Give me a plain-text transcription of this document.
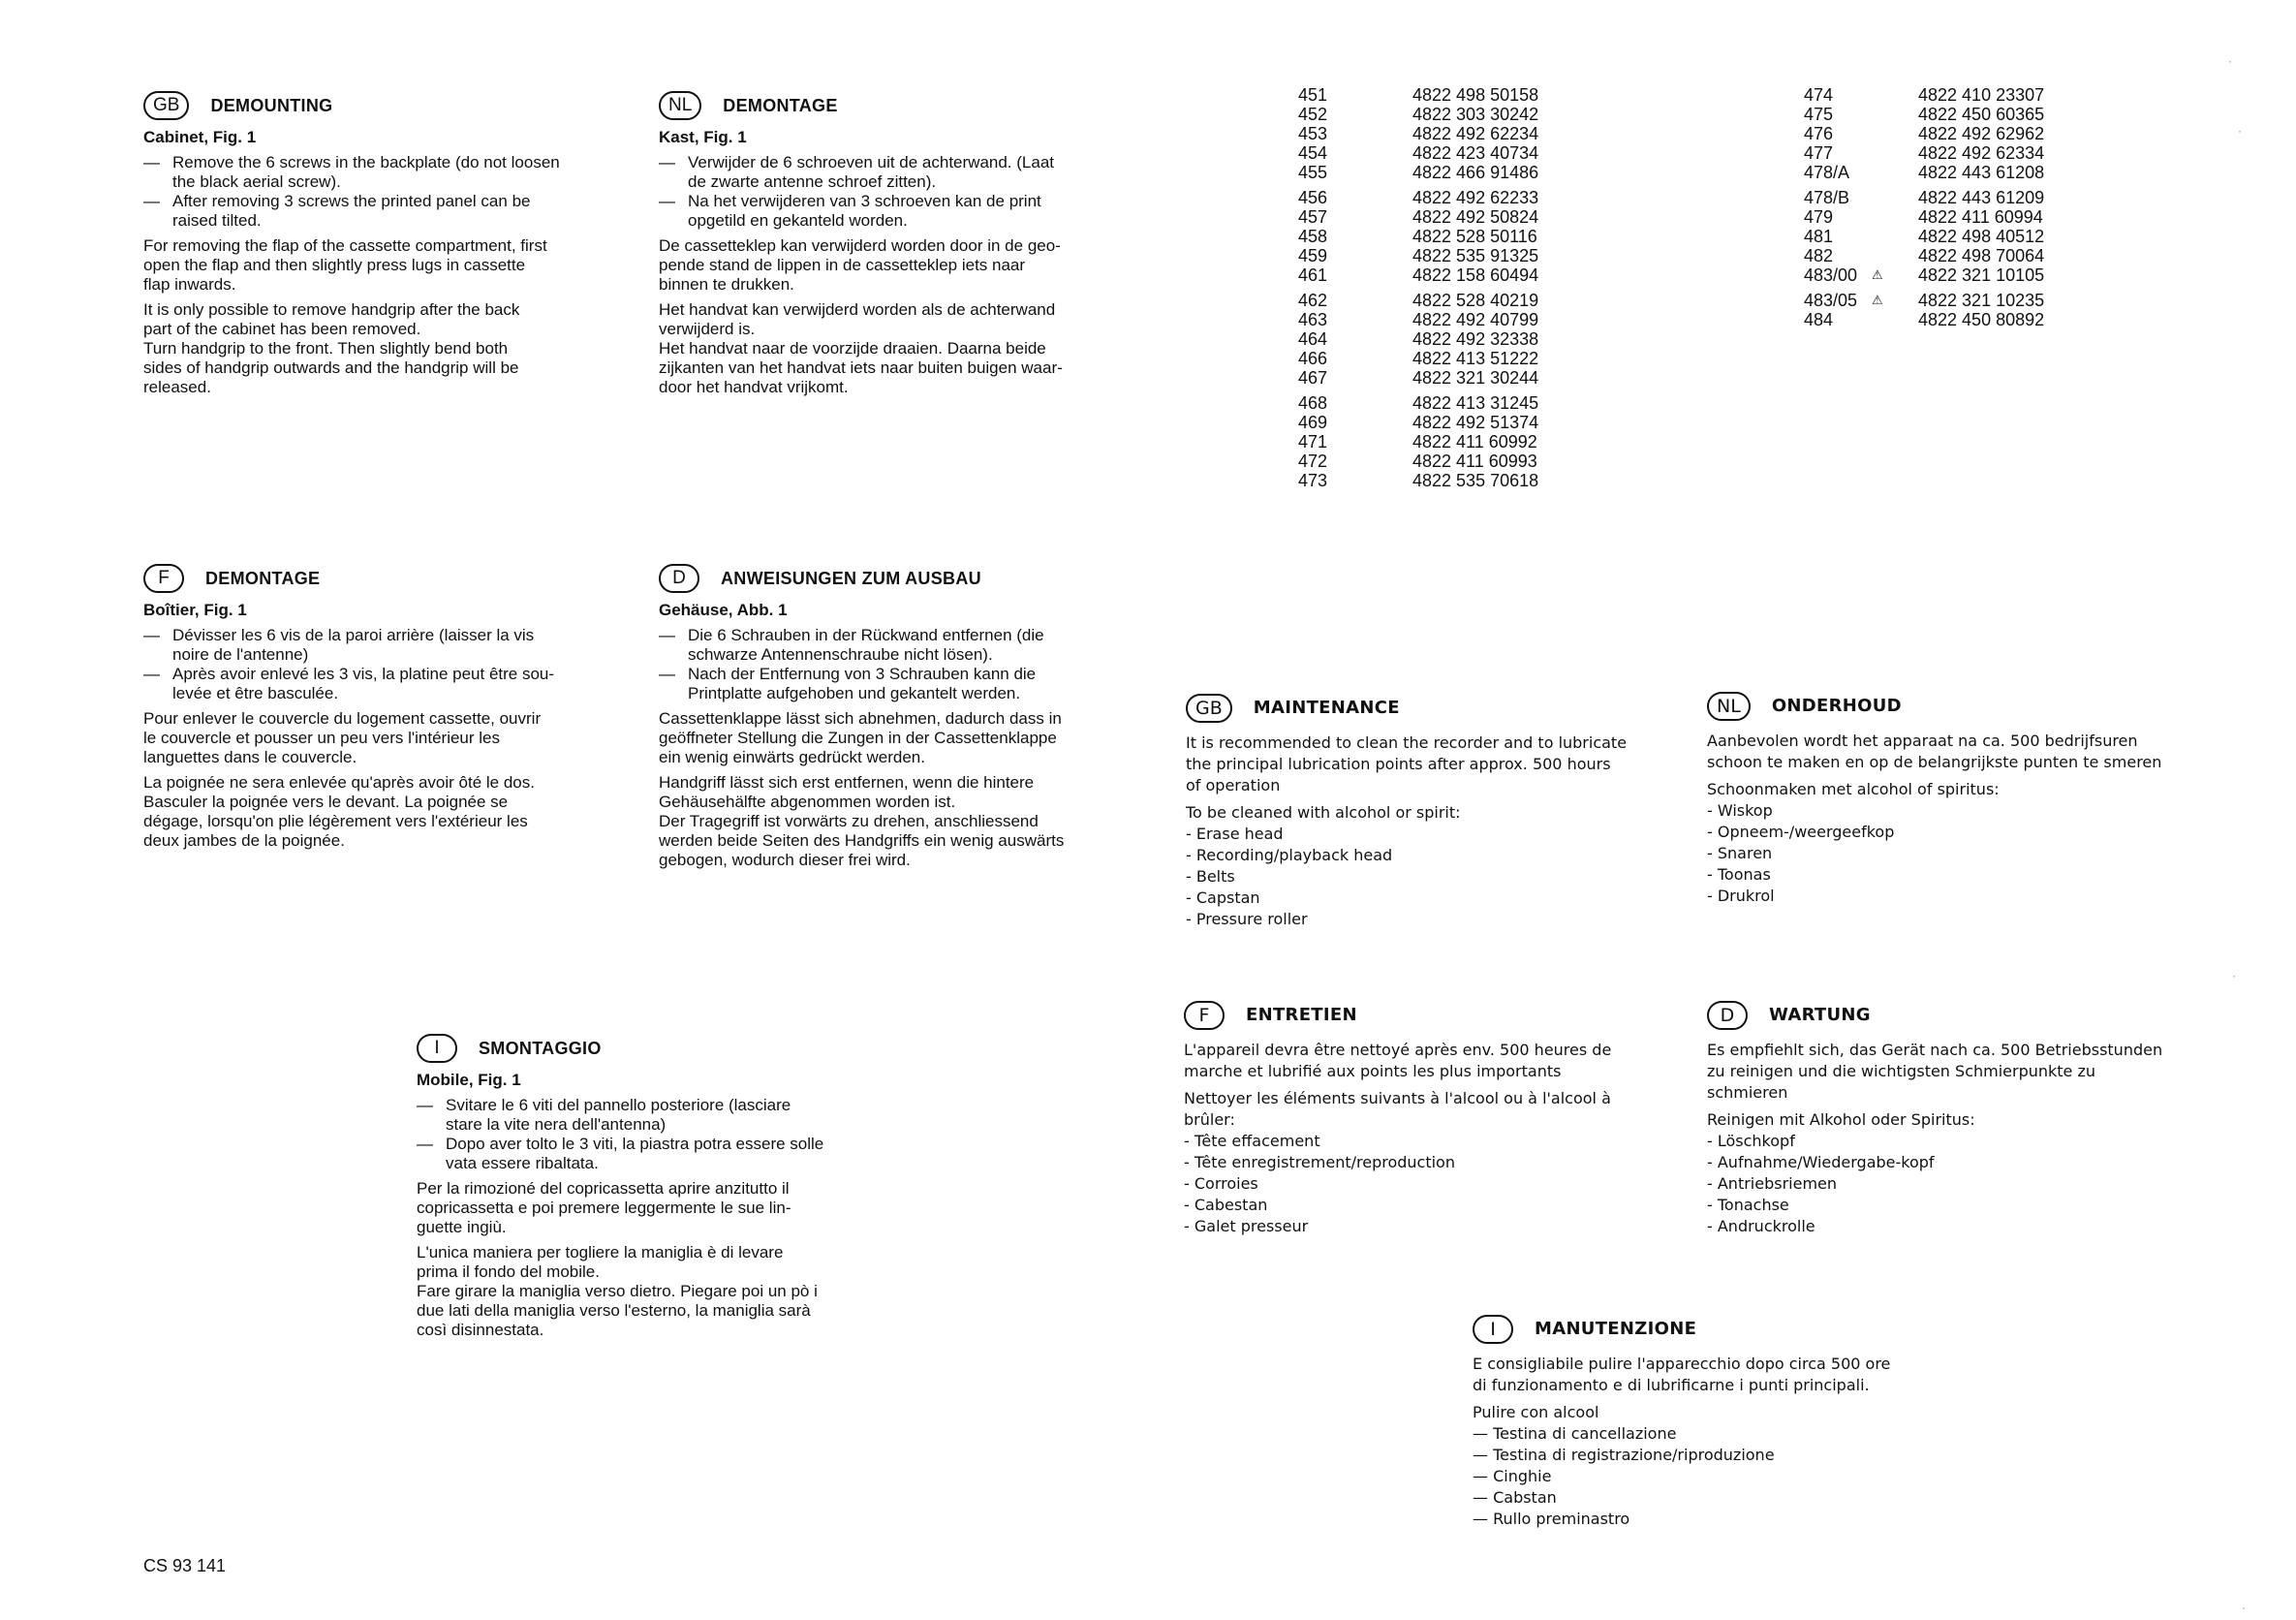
GB	DEMOUNTING
Cabinet, Fig. 1
— Remove the 6 screws in the backplate (do not loosen
the black aerial screw).
— After removing 3 screws the printed panel can be
raised tilted.
For removing the flap of the cassette compartment, first
open the flap and then slightly press lugs in cassette
flap inwards.
It is only possible to remove handgrip after the back
part of the cabinet has been removed.
Turn handgrip to the front. Then slightly bend both
sides of handgrip outwards and the handgrip will be
released.
NL	DEMONTAGE
Kast, Fig. 1
— Verwijder de 6 schroeven uit de achterwand. (Laat
de zwarte antenne schroef zitten).
— Na het verwijderen van 3 schroeven kan de print
opgetild en gekanteld worden.
De cassetteklep kan verwijderd worden door in de geo-
pende stand de lippen in de cassetteklep iets naar
binnen te drukken.
Het handvat kan verwijderd worden als de achterwand
verwijderd is.
Het handvat naar de voorzijde draaien. Daarna beide
zijkanten van het handvat iets naar buiten buigen waar-
door het handvat vrijkomt.
F	DEMONTAGE
Boîtier, Fig. 1
— Dévisser les 6 vis de la paroi arrière (laisser la vis
noire de l'antenne)
— Après avoir enlevé les 3 vis, la platine peut être sou-
levée et être basculée.
Pour enlever le couvercle du logement cassette, ouvrir
le couvercle et pousser un peu vers l'intérieur les
languettes dans le couvercle.
La poignée ne sera enlevée qu'après avoir ôté le dos.
Basculer la poignée vers le devant. La poignée se
dégage, lorsqu'on plie légèrement vers l'extérieur les
deux jambes de la poignée.
D	ANWEISUNGEN ZUM AUSBAU
Gehäuse, Abb. 1
— Die 6 Schrauben in der Rückwand entfernen (die
schwarze Antennenschraube nicht lösen).
— Nach der Entfernung von 3 Schrauben kann die
Printplatte aufgehoben und gekantelt werden.
Cassettenklappe lässt sich abnehmen, dadurch dass in
geöffneter Stellung die Zungen in der Cassettenklappe
ein wenig einwärts gedrückt werden.
Handgriff lässt sich erst entfernen, wenn die hintere
Gehäusehälfte abgenommen worden ist.
Der Tragegriff ist vorwärts zu drehen, anschliessend
werden beide Seiten des Handgriffs ein wenig auswärts
gebogen, wodurch dieser frei wird.
I	SMONTAGGIO
Mobile, Fig. 1
— Svitare le 6 viti del pannello posteriore (lasciare
stare la vite nera dell'antenna)
— Dopo aver tolto le 3 viti, la piastra potra essere solle
vata essere ribaltata.
Per la rimozioné del copricassetta aprire anzitutto il
copricassetta e poi premere leggermente le sue lin-
guette ingiù.
L'unica maniera per togliere la maniglia è di levare
prima il fondo del mobile.
Fare girare la maniglia verso dietro. Piegare poi un pò i
due lati della maniglia verso l'esterno, la maniglia sarà
così disinnestata.
GB	MAINTENANCE
It is recommended to clean the recorder and to lubricate
the principal lubrication points after approx. 500 hours
of operation
To be cleaned with alcohol or spirit:
- Erase head
- Recording/playback head
- Belts
- Capstan
- Pressure roller
NL	ONDERHOUD
Aanbevolen wordt het apparaat na ca. 500 bedrijfsuren
schoon te maken en op de belangrijkste punten te smeren
Schoonmaken met alcohol of spiritus:
- Wiskop
- Opneem-/weergeefkop
- Snaren
- Toonas
- Drukrol
F	ENTRETIEN
L'appareil devra être nettoyé après env. 500 heures de
marche et lubrifié aux points les plus importants
Nettoyer les éléments suivants à l'alcool ou à l'alcool à
brûler:
- Tête effacement
- Tête enregistrement/reproduction
- Corroies
- Cabestan
- Galet presseur
D	WARTUNG
Es empfiehlt sich, das Gerät nach ca. 500 Betriebsstunden
zu reinigen und die wichtigsten Schmierpunkte zu
schmieren
Reinigen mit Alkohol oder Spiritus:
- Löschkopf
- Aufnahme/Wiedergabe-kopf
- Antriebsriemen
- Tonachse
- Andruckrolle
I	MANUTENZIONE
E consigliabile pulire l'apparecchio dopo circa 500 ore
di funzionamento e di lubrificarne i punti principali.
Pulire con alcool
— Testina di cancellazione
— Testina di registrazione/riproduzione
— Cinghie
— Cabstan
— Rullo preminastro
451	4822 498 50158
452	4822 303 30242
453	4822 492 62234
454	4822 423 40734
455	4822 466 91486
456	4822 492 62233
457	4822 492 50824
458	4822 528 50116
459	4822 535 91325
461	4822 158 60494
462	4822 528 40219
463	4822 492 40799
464	4822 492 32338
466	4822 413 51222
467	4822 321 30244
468	4822 413 31245
469	4822 492 51374
471	4822 411 60992
472	4822 411 60993
473	4822 535 70618
474	4822 410 23307
475	4822 450 60365
476	4822 492 62962
477	4822 492 62334
478/A	4822 443 61208
478/B	4822 443 61209
479	4822 411 60994
481	4822 498 40512
482	4822 498 70064
483/00 ⚠ 4822 321 10105
483/05 ⚠ 4822 321 10235
484	4822 450 80892
CS 93 141
·
·
·
·
